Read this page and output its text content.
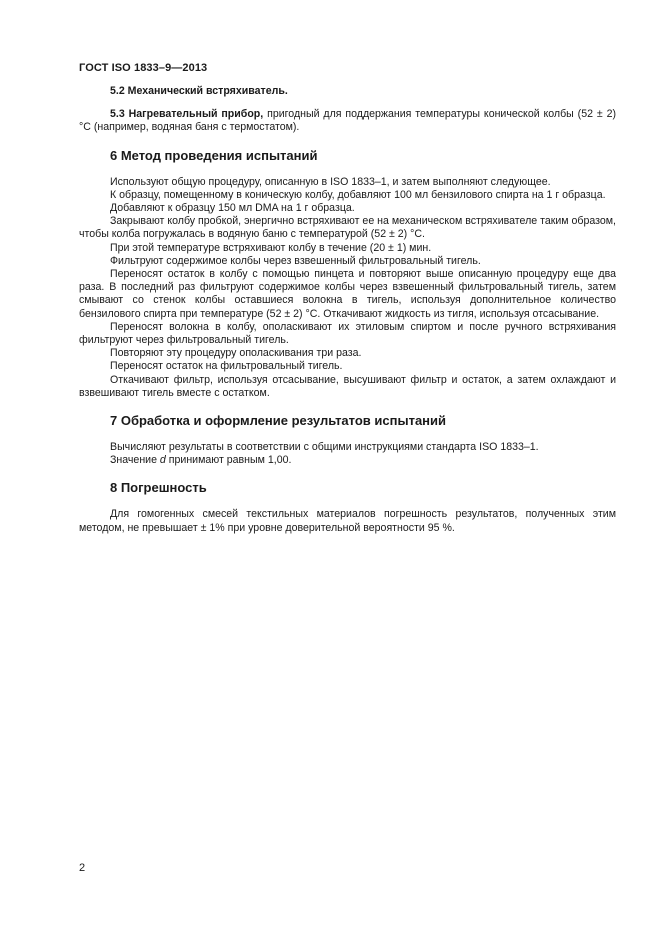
ГОСТ ISO 1833–9—2013

5.2 Механический встряхиватель.

5.3 Нагревательный прибор, пригодный для поддержания температуры конической колбы (52 ± 2) °С (например, водяная баня с термостатом).

6 Метод проведения испытаний

Используют общую процедуру, описанную в ISO 1833–1, и затем выполняют следующее.

К образцу, помещенному в коническую колбу, добавляют 100 мл бензилового спирта на 1 г образца.

Добавляют к образцу 150 мл DMA на 1 г образца.

Закрывают колбу пробкой, энергично встряхивают ее на механическом встряхивателе таким образом, чтобы колба погружалась в водяную баню с температурой (52 ± 2) °С.

При этой температуре встряхивают колбу в течение (20 ± 1) мин.

Фильтруют содержимое колбы через взвешенный фильтровальный тигель.

Переносят остаток в колбу с помощью пинцета и повторяют выше описанную процедуру еще два раза. В последний раз фильтруют содержимое колбы через взвешенный фильтровальный тигель, затем смывают со стенок колбы оставшиеся волокна в тигель, используя дополнительное количество бензилового спирта при температуре (52 ± 2) °С. Откачивают жидкость из тигля, используя отсасывание.

Переносят волокна в колбу, ополаскивают их этиловым спиртом и после ручного встряхивания фильтруют через фильтровальный тигель.

Повторяют эту процедуру ополаскивания три раза.

Переносят остаток на фильтровальный тигель.

Откачивают фильтр, используя отсасывание, высушивают фильтр и остаток, а затем охлаждают и взвешивают тигель вместе с остатком.

7 Обработка и оформление результатов испытаний

Вычисляют результаты в соответствии с общими инструкциями стандарта ISO 1833–1.

Значение d принимают равным 1,00.

8 Погрешность

Для гомогенных смесей текстильных материалов погрешность результатов, полученных этим методом, не превышает ± 1% при уровне доверительной вероятности 95 %.

2
